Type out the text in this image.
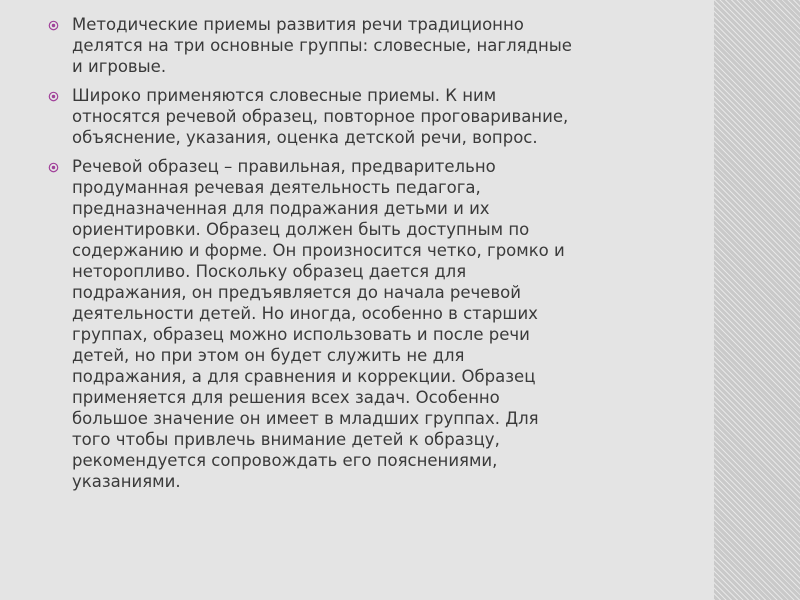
Методические приемы развития речи традиционно
делятся на три основные группы: словесные, наглядные
и игровые.
Широко применяются словесные приемы. К ним
относятся речевой образец, повторное проговаривание,
объяснение, указания, оценка детской речи, вопрос.
Речевой образец – правильная, предварительно
продуманная речевая деятельность педагога,
предназначенная для подражания детьми и их
ориентировки. Образец должен быть доступным по
содержанию и форме. Он произносится четко, громко и
неторопливо. Поскольку образец дается для
подражания, он предъявляется до начала речевой
деятельности детей. Но иногда, особенно в старших
группах, образец можно использовать и после речи
детей, но при этом он будет служить не для
подражания, а для сравнения и коррекции. Образец
применяется для решения всех задач. Особенно
большое значение он имеет в младших группах. Для
того чтобы привлечь внимание детей к образцу,
рекомендуется сопровождать его пояснениями,
указаниями.
